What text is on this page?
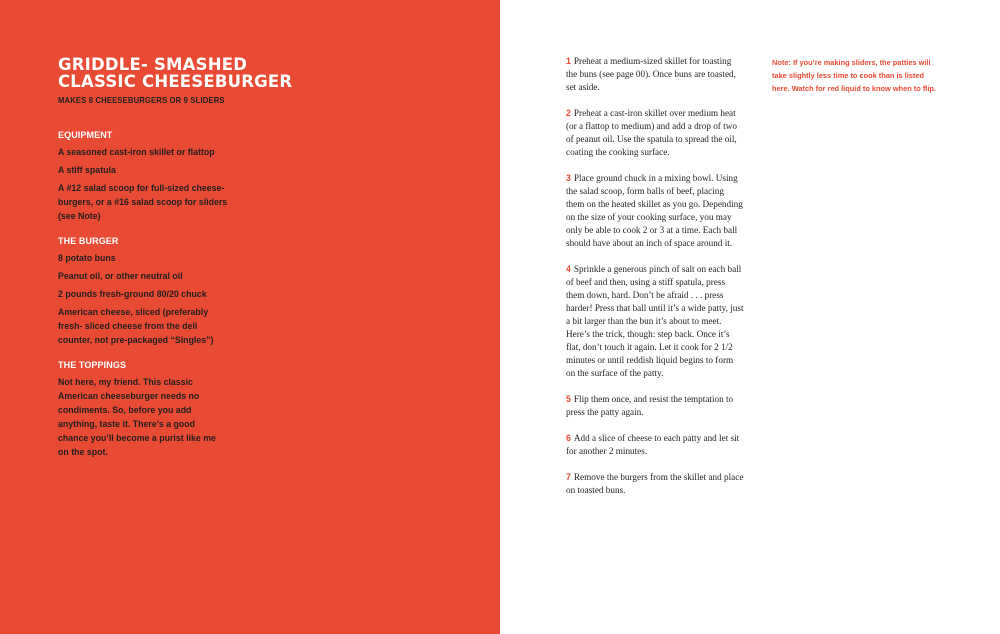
GRIDDLE- SMASHED
CLASSIC CHEESEBURGER

MAKES 8 CHEESEBURGERS OR 9 SLIDERS

EQUIPMENT
A seasoned cast-iron skillet or flattop
A stiff spatula
A #12 salad scoop for full-sized cheese-burgers, or a #16 salad scoop for sliders (see Note)
THE BURGER
8 potato buns
Peanut oil, or other neutral oil
2 pounds fresh-ground 80/20 chuck
American cheese, sliced (preferably fresh- sliced cheese from the deli counter, not pre-packaged “Singles”)
THE TOPPINGS

Not here, my friend. This classic American cheeseburger needs no condiments. So, before you add anything, taste it. There’s a good chance you’ll become a purist like me on the spot.

1 Preheat a medium-sized skillet for toasting the buns (see page 00). Once buns are toasted, set aside.
2 Preheat a cast-iron skillet over medium heat (or a flattop to medium) and add a drop of two of peanut oil. Use the spatula to spread the oil, coating the cooking surface.
3 Place ground chuck in a mixing bowl. Using the salad scoop, form balls of beef, placing them on the heated skillet as you go. Depending on the size of your cooking surface, you may only be able to cook 2 or 3 at a time. Each ball should have about an inch of space around it.
4 Sprinkle a generous pinch of salt on each ball of beef and then, using a stiff spatula, press them down, hard. Don’t be afraid . . . press harder! Press that ball until it’s a wide patty, just a bit larger than the bun it’s about to meet. Here’s the trick, though: step back. Once it’s flat, don’t touch it again. Let it cook for 2 1/2 minutes or until reddish liquid begins to form on the surface of the patty.
5 Flip them once, and resist the temptation to press the patty again.
6 Add a slice of cheese to each patty and let sit for another 2 minutes.
7 Remove the burgers from the skillet and place on toasted buns.

Note: If you’re making sliders, the patties will take slightly less time to cook than is listed here. Watch for red liquid to know when to flip.
